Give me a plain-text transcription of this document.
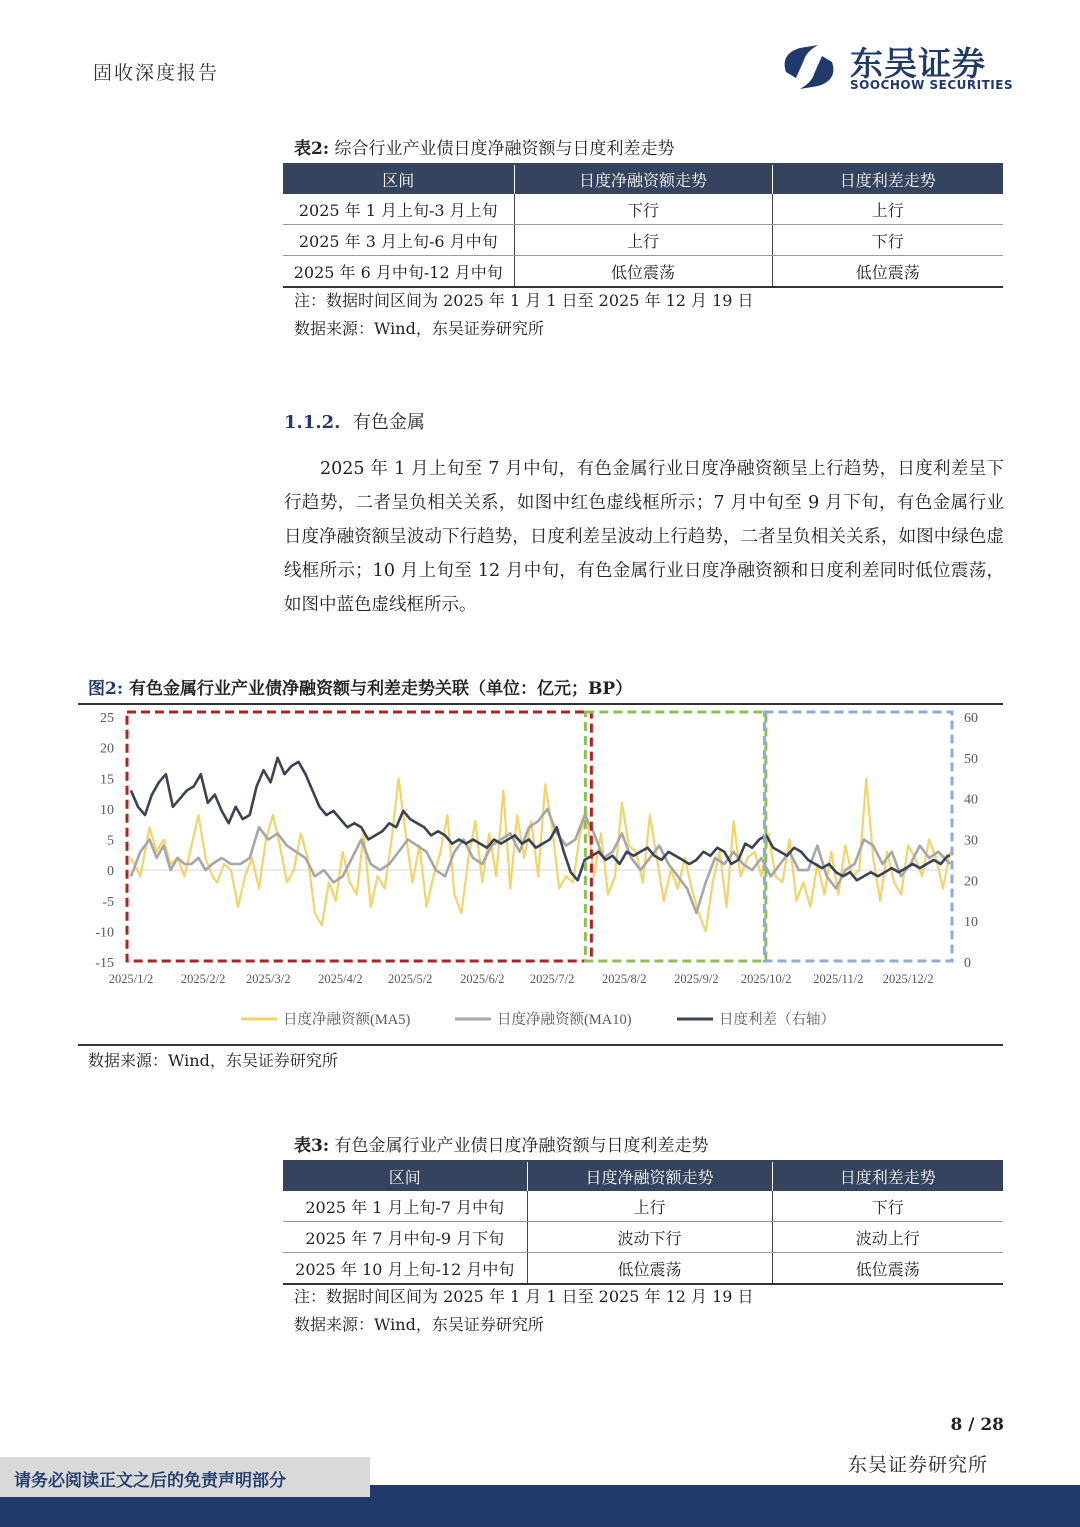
固收深度报告	东吴证券
SOOCHOW SECURITIES
表2: 综合行业产业债日度净融资额与日度利差走势
区间	日度净融资额走势	日度利差走势
2025 年 1 月上旬-3 月上旬	下行	上行
2025 年 3 月上旬-6 月中旬	上行	下行
2025 年 6 月中旬-12 月中旬	低位震荡	低位震荡
注：数据时间区间为 2025 年 1 月 1 日至 2025 年 12 月 19 日
数据来源：Wind，东吴证券研究所
1.1.2. 有色金属

2025 年 1 月上旬至 7 月中旬，有色金属行业日度净融资额呈上行趋势，日度利差呈下行趋势，二者呈负相关关系，如图中红色虚线框所示；7 月中旬至 9 月下旬，有色金属行业日度净融资额呈波动下行趋势，日度利差呈波动上行趋势，二者呈负相关关系，如图中绿色虚线框所示；10 月上旬至 12 月中旬，有色金属行业日度净融资额和日度利差同时低位震荡，如图中蓝色虚线框所示。

图2: 有色金属行业产业债净融资额与利差走势关联（单位：亿元；BP）
25
20
15
10
5
0
-5
-10
-15
60
50
40
30
20
10
0
2025/1/2 2025/2/2 2025/3/2 2025/4/2 2025/5/2 2025/6/2 2025/7/2 2025/8/2 2025/9/2 2025/10/2 2025/11/2 2025/12/2
日度净融资额(MA5)	日度净融资额(MA10)	日度利差（右轴）
数据来源：Wind，东吴证券研究所
表3: 有色金属行业产业债日度净融资额与日度利差走势
区间	日度净融资额走势	日度利差走势
2025 年 1 月上旬-7 月中旬	上行	下行
2025 年 7 月中旬-9 月下旬	波动下行	波动上行
2025 年 10 月上旬-12 月中旬	低位震荡	低位震荡
注：数据时间区间为 2025 年 1 月 1 日至 2025 年 12 月 19 日
数据来源：Wind，东吴证券研究所
8 / 28
东吴证券研究所
请务必阅读正文之后的免责声明部分
